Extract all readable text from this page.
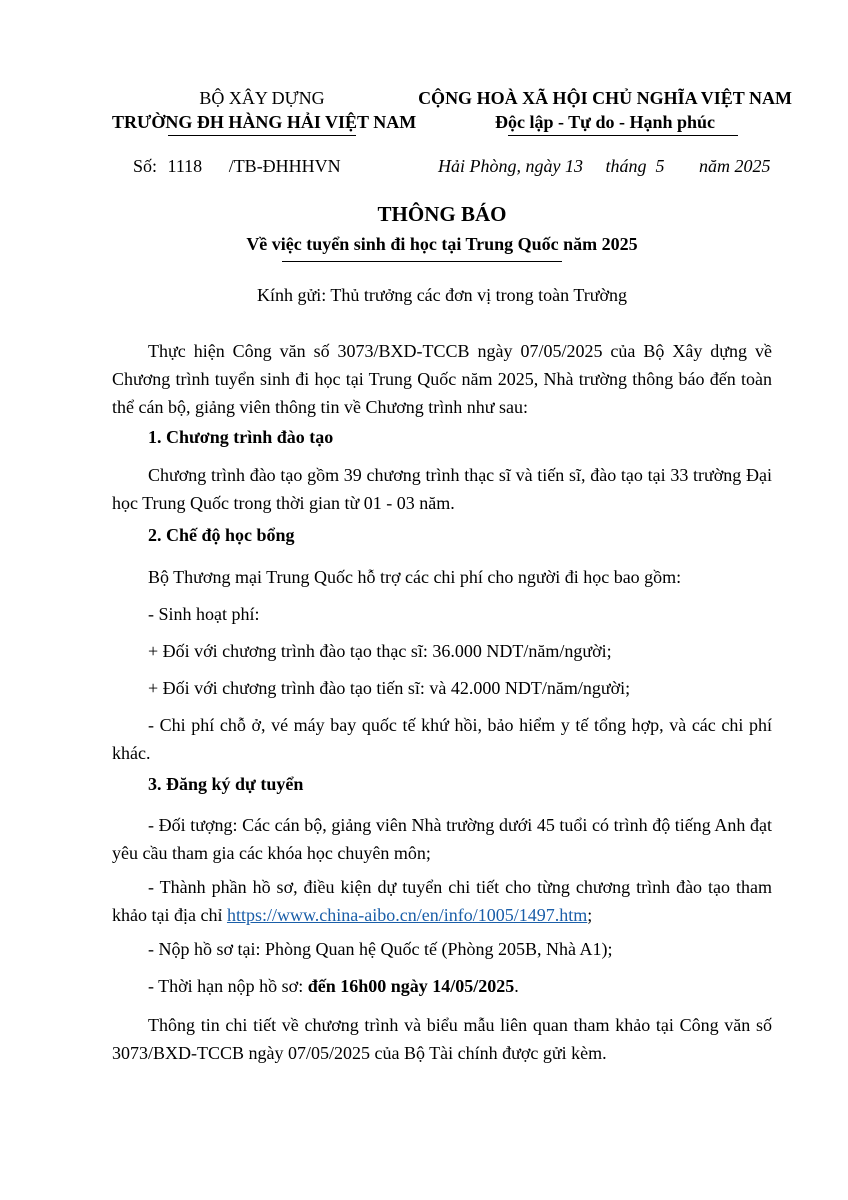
BỘ XÂY DỰNG
TRƯỜNG ĐH HÀNG HẢI VIỆT NAM
CỘNG HOÀ XÃ HỘI CHỦ NGHĨA VIỆT NAM
Độc lập - Tự do - Hạnh phúc
Số: 1118 /TB-ĐHHHVN	Hải Phòng, ngày 13 tháng  5 năm 2025
THÔNG BÁO
Về việc tuyển sinh đi học tại Trung Quốc năm 2025
Kính gửi: Thủ trưởng các đơn vị trong toàn Trường
Thực hiện Công văn số 3073/BXD-TCCB ngày 07/05/2025 của Bộ Xây dựng về Chương trình tuyển sinh đi học tại Trung Quốc năm 2025, Nhà trường thông báo đến toàn thể cán bộ, giảng viên thông tin về Chương trình như sau:
1. Chương trình đào tạo
Chương trình đào tạo gồm 39 chương trình thạc sĩ và tiến sĩ, đào tạo tại 33 trường Đại học Trung Quốc trong thời gian từ 01 - 03 năm.
2. Chế độ học bổng
Bộ Thương mại Trung Quốc hỗ trợ các chi phí cho người đi học bao gồm:
- Sinh hoạt phí:
+ Đối với chương trình đào tạo thạc sĩ: 36.000 NDT/năm/người;
+ Đối với chương trình đào tạo tiến sĩ: và 42.000 NDT/năm/người;
- Chi phí chỗ ở, vé máy bay quốc tế khứ hồi, bảo hiểm y tế tổng hợp, và các chi phí khác.
3. Đăng ký dự tuyển
- Đối tượng: Các cán bộ, giảng viên Nhà trường dưới 45 tuổi có trình độ tiếng Anh đạt yêu cầu tham gia các khóa học chuyên môn;
- Thành phần hồ sơ, điều kiện dự tuyển chi tiết cho từng chương trình đào tạo tham khảo tại địa chỉ https://www.china-aibo.cn/en/info/1005/1497.htm;
- Nộp hồ sơ tại: Phòng Quan hệ Quốc tế (Phòng 205B, Nhà A1);
- Thời hạn nộp hồ sơ: đến 16h00 ngày 14/05/2025.
Thông tin chi tiết về chương trình và biểu mẫu liên quan tham khảo tại Công văn số 3073/BXD-TCCB ngày 07/05/2025 của Bộ Tài chính được gửi kèm.
